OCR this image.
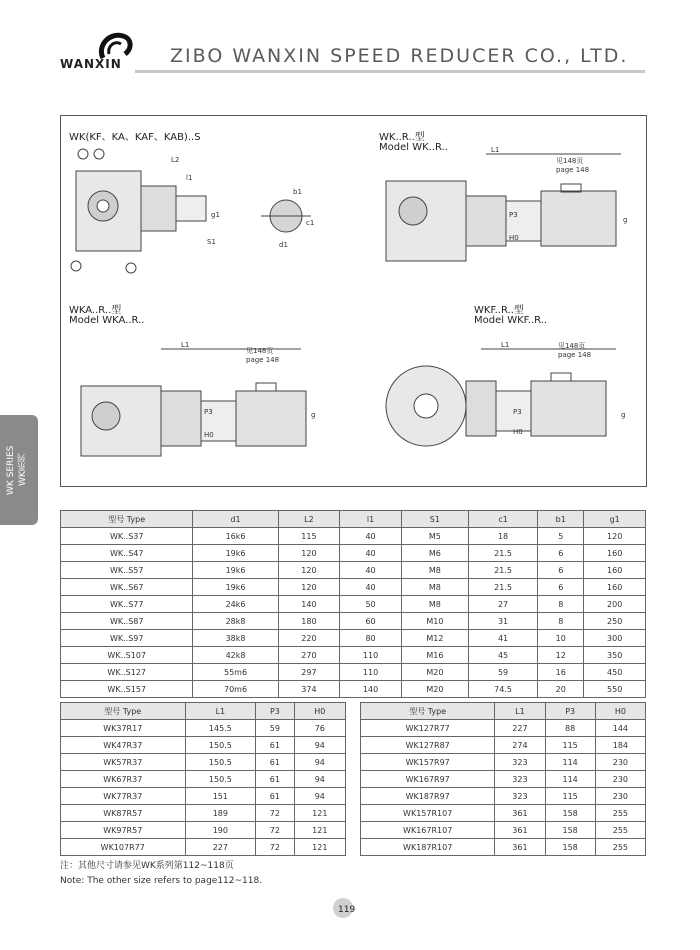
WANXIN	ZIBO WANXIN SPEED REDUCER CO., LTD.
WK SERIES WK系列
WK(KF、KA、KAF、KAB)..S
L2
l1
g1
S1
b1
c1
d1
WK..R..型
Model WK..R..
见148页
page 148
L1
P3
H0
g
WKA..R..型
Model WKA..R..
见148页
page 148
L1
P3
H0
g
WKF..R..型
Model WKF..R..
见148页
page 148
L1
P3
H0
g
型号 Type	d1	L2	l1	S1	c1	b1	g1
WK..S37	16k6	115	40	M5	18	5	120
WK..S47	19k6	120	40	M6	21.5	6	160
WK..S57	19k6	120	40	M8	21.5	6	160
WK..S67	19k6	120	40	M8	21.5	6	160
WK..S77	24k6	140	50	M8	27	8	200
WK..S87	28k8	180	60	M10	31	8	250
WK..S97	38k8	220	80	M12	41	10	300
WK..S107	42k8	270	110	M16	45	12	350
WK..S127	55m6	297	110	M20	59	16	450
WK..S157	70m6	374	140	M20	74.5	20	550
型号 Type	L1	P3	H0
WK37R17	145.5	59	76
WK47R37	150.5	61	94
WK57R37	150.5	61	94
WK67R37	150.5	61	94
WK77R37	151	61	94
WK87R57	189	72	121
WK97R57	190	72	121
WK107R77	227	72	121
型号 Type	L1	P3	H0
WK127R77	227	88	144
WK127R87	274	115	184
WK157R97	323	114	230
WK167R97	323	114	230
WK187R97	323	115	230
WK157R107	361	158	255
WK167R107	361	158	255
WK187R107	361	158	255
注：其他尺寸请参见WK系列第112~118页
Note: The other size refers to page112~118.
119
